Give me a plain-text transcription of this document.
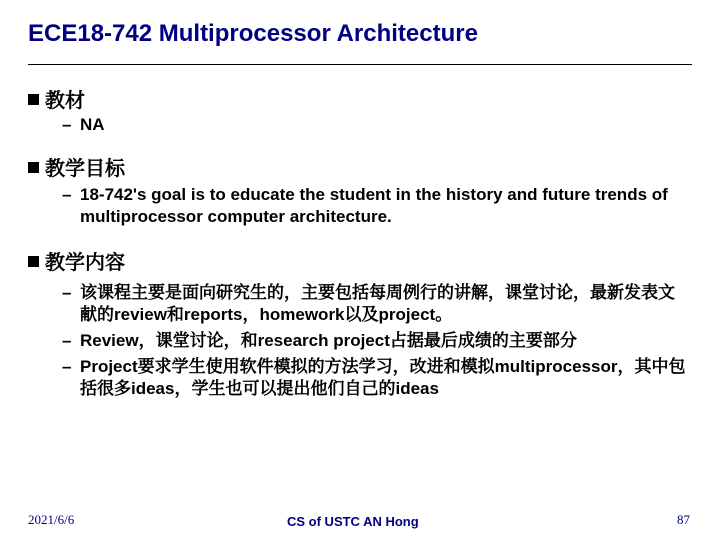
ECE18-742 Multiprocessor Architecture
教材
– NA
教学目标
– 18-742's goal is to educate the student in the history and future trends of multiprocessor computer architecture.
教学内容
– 该课程主要是面向研究生的，主要包括每周例行的讲解，课堂讨论，最新发表文献的review和reports，homework以及project。
– Review，课堂讨论，和research project占据最后成绩的主要部分
– Project要求学生使用软件模拟的方法学习，改进和模拟multiprocessor，其中包括很多ideas，学生也可以提出他们自己的ideas
2021/6/6	CS of USTC AN Hong	87
